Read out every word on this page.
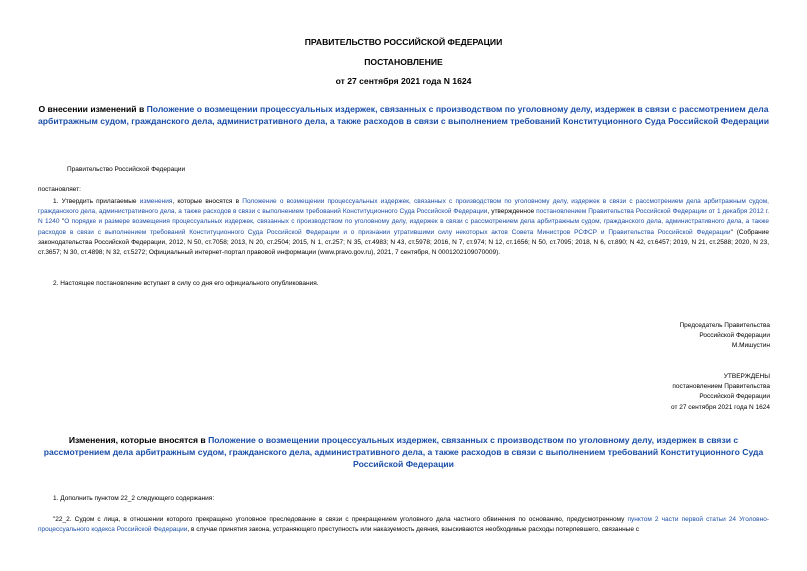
ПРАВИТЕЛЬСТВО РОССИЙСКОЙ ФЕДЕРАЦИИ
ПОСТАНОВЛЕНИЕ
от 27 сентября 2021 года N 1624
О внесении изменений в Положение о возмещении процессуальных издержек, связанных с производством по уголовному делу, издержек в связи с рассмотрением дела арбитражным судом, гражданского дела, административного дела, а также расходов в связи с выполнением требований Конституционного Суда Российской Федерации
Правительство Российской Федерации
постановляет:
1. Утвердить прилагаемые изменения, которые вносятся в Положение о возмещении процессуальных издержек, связанных с производством по уголовному делу, издержек в связи с рассмотрением дела арбитражным судом, гражданского дела, административного дела, а также расходов в связи с выполнением требований Конституционного Суда Российской Федерации, утвержденное постановлением Правительства Российской Федерации от 1 декабря 2012 г. N 1240 "О порядке и размере возмещения процессуальных издержек, связанных с производством по уголовному делу, издержек в связи с рассмотрением дела арбитражным судом, гражданского дела, административного дела, а также расходов в связи с выполнением требований Конституционного Суда Российской Федерации и о признании утратившими силу некоторых актов Совета Министров РСФСР и Правительства Российской Федерации" (Собрание законодательства Российской Федерации, 2012, N 50, ст.7058; 2013, N 20, ст.2504; 2015, N 1, ст.257; N 35, ст.4983; N 43, ст.5978; 2016, N 7, ст.974; N 12, ст.1656; N 50, ст.7095; 2018, N 6, ст.890; N 42, ст.6457; 2019, N 21, ст.2588; 2020, N 23, ст.3657; N 30, ст.4898; N 32, ст.5272; Официальный интернет-портал правовой информации (www.pravo.gov.ru), 2021, 7 сентября, N 0001202109070009).
2. Настоящее постановление вступает в силу со дня его официального опубликования.
Председатель Правительства
Российской Федерации
М.Мишустин
УТВЕРЖДЕНЫ
постановлением Правительства
Российской Федерации
от 27 сентября 2021 года N 1624
Изменения, которые вносятся в Положение о возмещении процессуальных издержек, связанных с производством по уголовному делу, издержек в связи с рассмотрением дела арбитражным судом, гражданского дела, административного дела, а также расходов в связи с выполнением требований Конституционного Суда Российской Федерации
1. Дополнить пунктом 22_2 следующего содержания:
"22_2. Судом с лица, в отношении которого прекращено уголовное преследование в связи с прекращением уголовного дела частного обвинения по основанию, предусмотренному пунктом 2 части первой статьи 24 Уголовно-процессуального кодекса Российской Федерации, в случае принятия закона, устраняющего преступность или наказуемость деяния, взыскиваются необходимые расходы потерпевшего, связанные с
